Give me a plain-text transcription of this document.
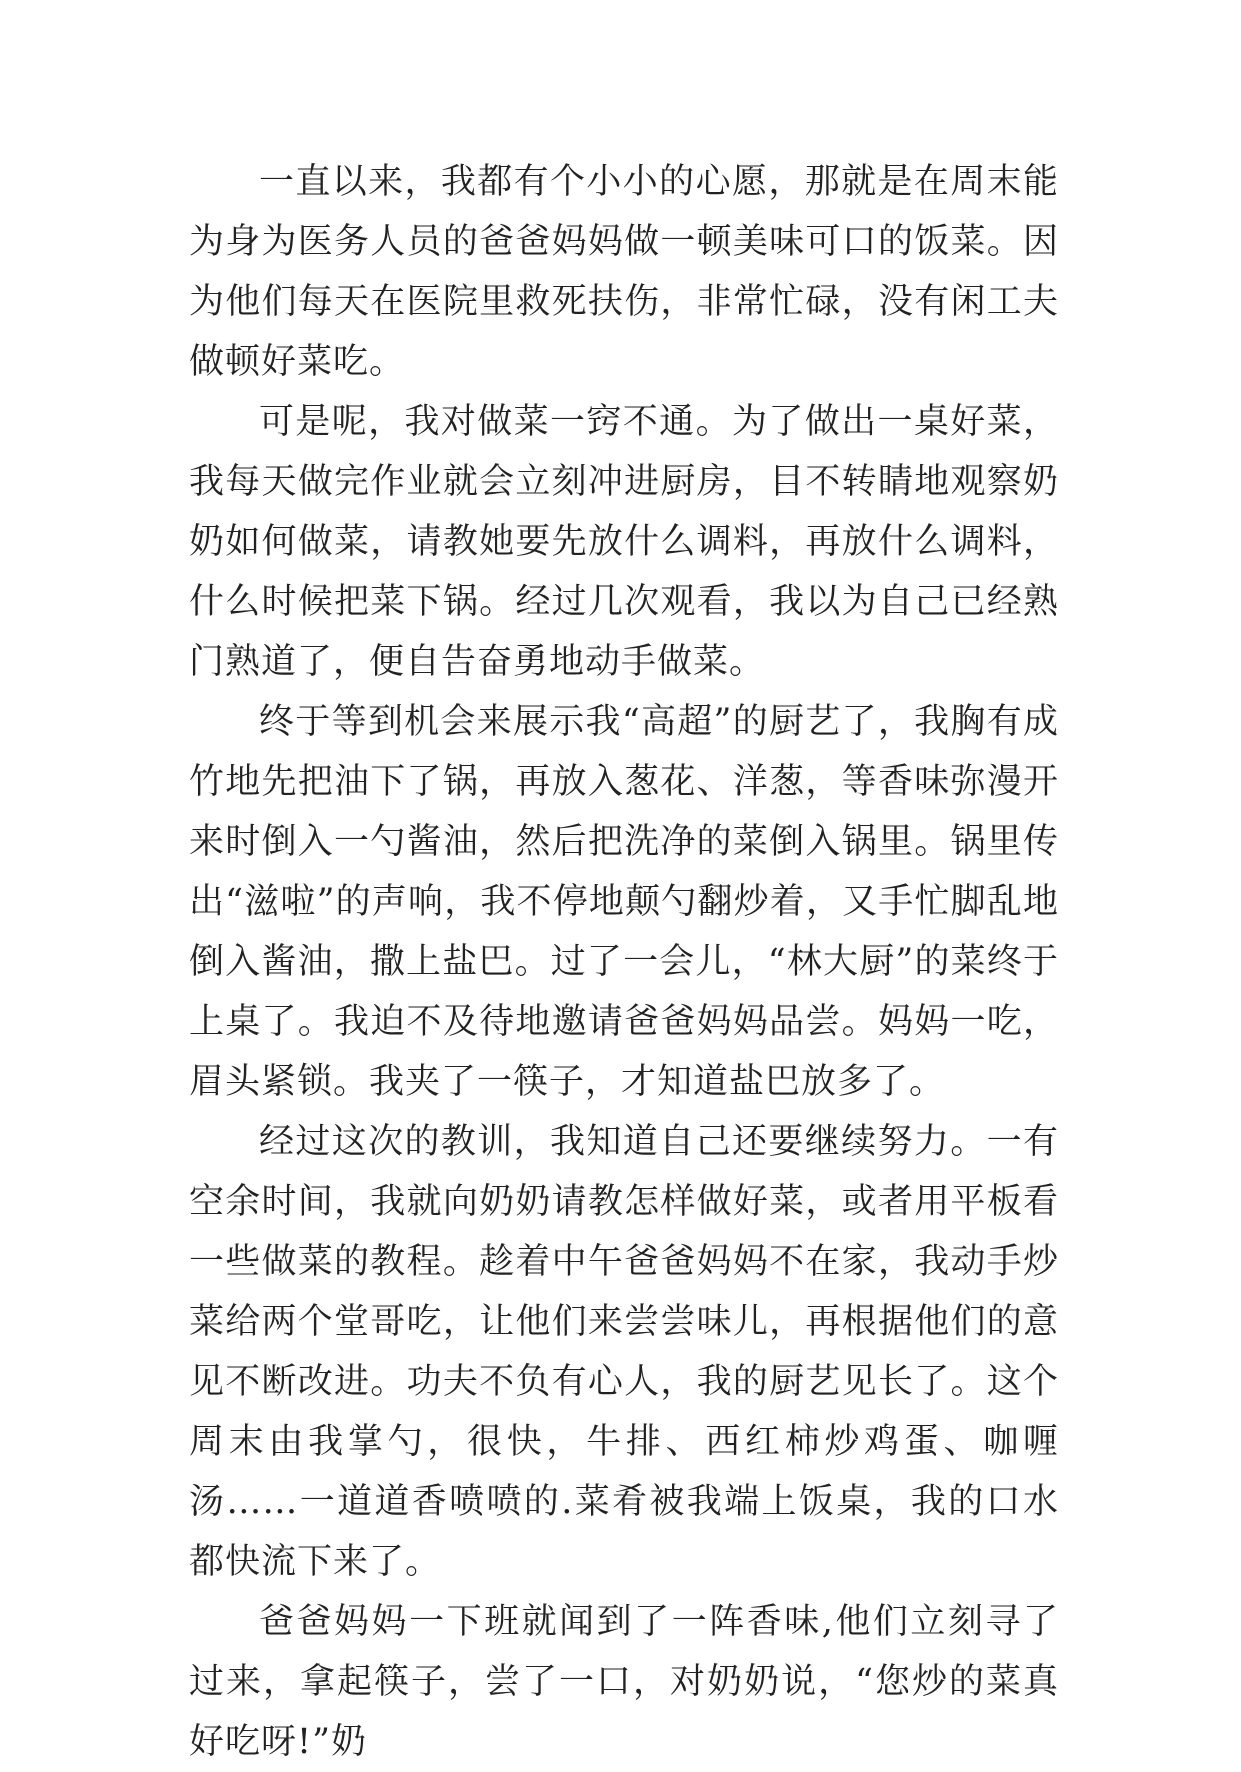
一直以来，我都有个小小的心愿，那就是在周末能为身为医务人员的爸爸妈妈做一顿美味可口的饭菜。因为他们每天在医院里救死扶伤，非常忙碌，没有闲工夫做顿好菜吃。

可是呢，我对做菜一窍不通。为了做出一桌好菜，我每天做完作业就会立刻冲进厨房，目不转睛地观察奶奶如何做菜，请教她要先放什么调料，再放什么调料，什么时候把菜下锅。经过几次观看，我以为自己已经熟门熟道了，便自告奋勇地动手做菜。

终于等到机会来展示我“高超”的厨艺了，我胸有成竹地先把油下了锅，再放入葱花、洋葱，等香味弥漫开来时倒入一勺酱油，然后把洗净的菜倒入锅里。锅里传出“滋啦”的声响，我不停地颠勺翻炒着，又手忙脚乱地倒入酱油，撒上盐巴。过了一会儿，“林大厨”的菜终于上桌了。我迫不及待地邀请爸爸妈妈品尝。妈妈一吃，眉头紧锁。我夹了一筷子，才知道盐巴放多了。

经过这次的教训，我知道自己还要继续努力。一有空余时间，我就向奶奶请教怎样做好菜，或者用平板看一些做菜的教程。趁着中午爸爸妈妈不在家，我动手炒菜给两个堂哥吃，让他们来尝尝味儿，再根据他们的意见不断改进。功夫不负有心人，我的厨艺见长了。这个周末由我掌勺，很快，牛排、西红柿炒鸡蛋、咖喱汤……一道道香喷喷的.菜肴被我端上饭桌，我的口水都快流下来了。

爸爸妈妈一下班就闻到了一阵香味,他们立刻寻了过来，拿起筷子，尝了一口，对奶奶说，“您炒的菜真好吃呀!”奶
